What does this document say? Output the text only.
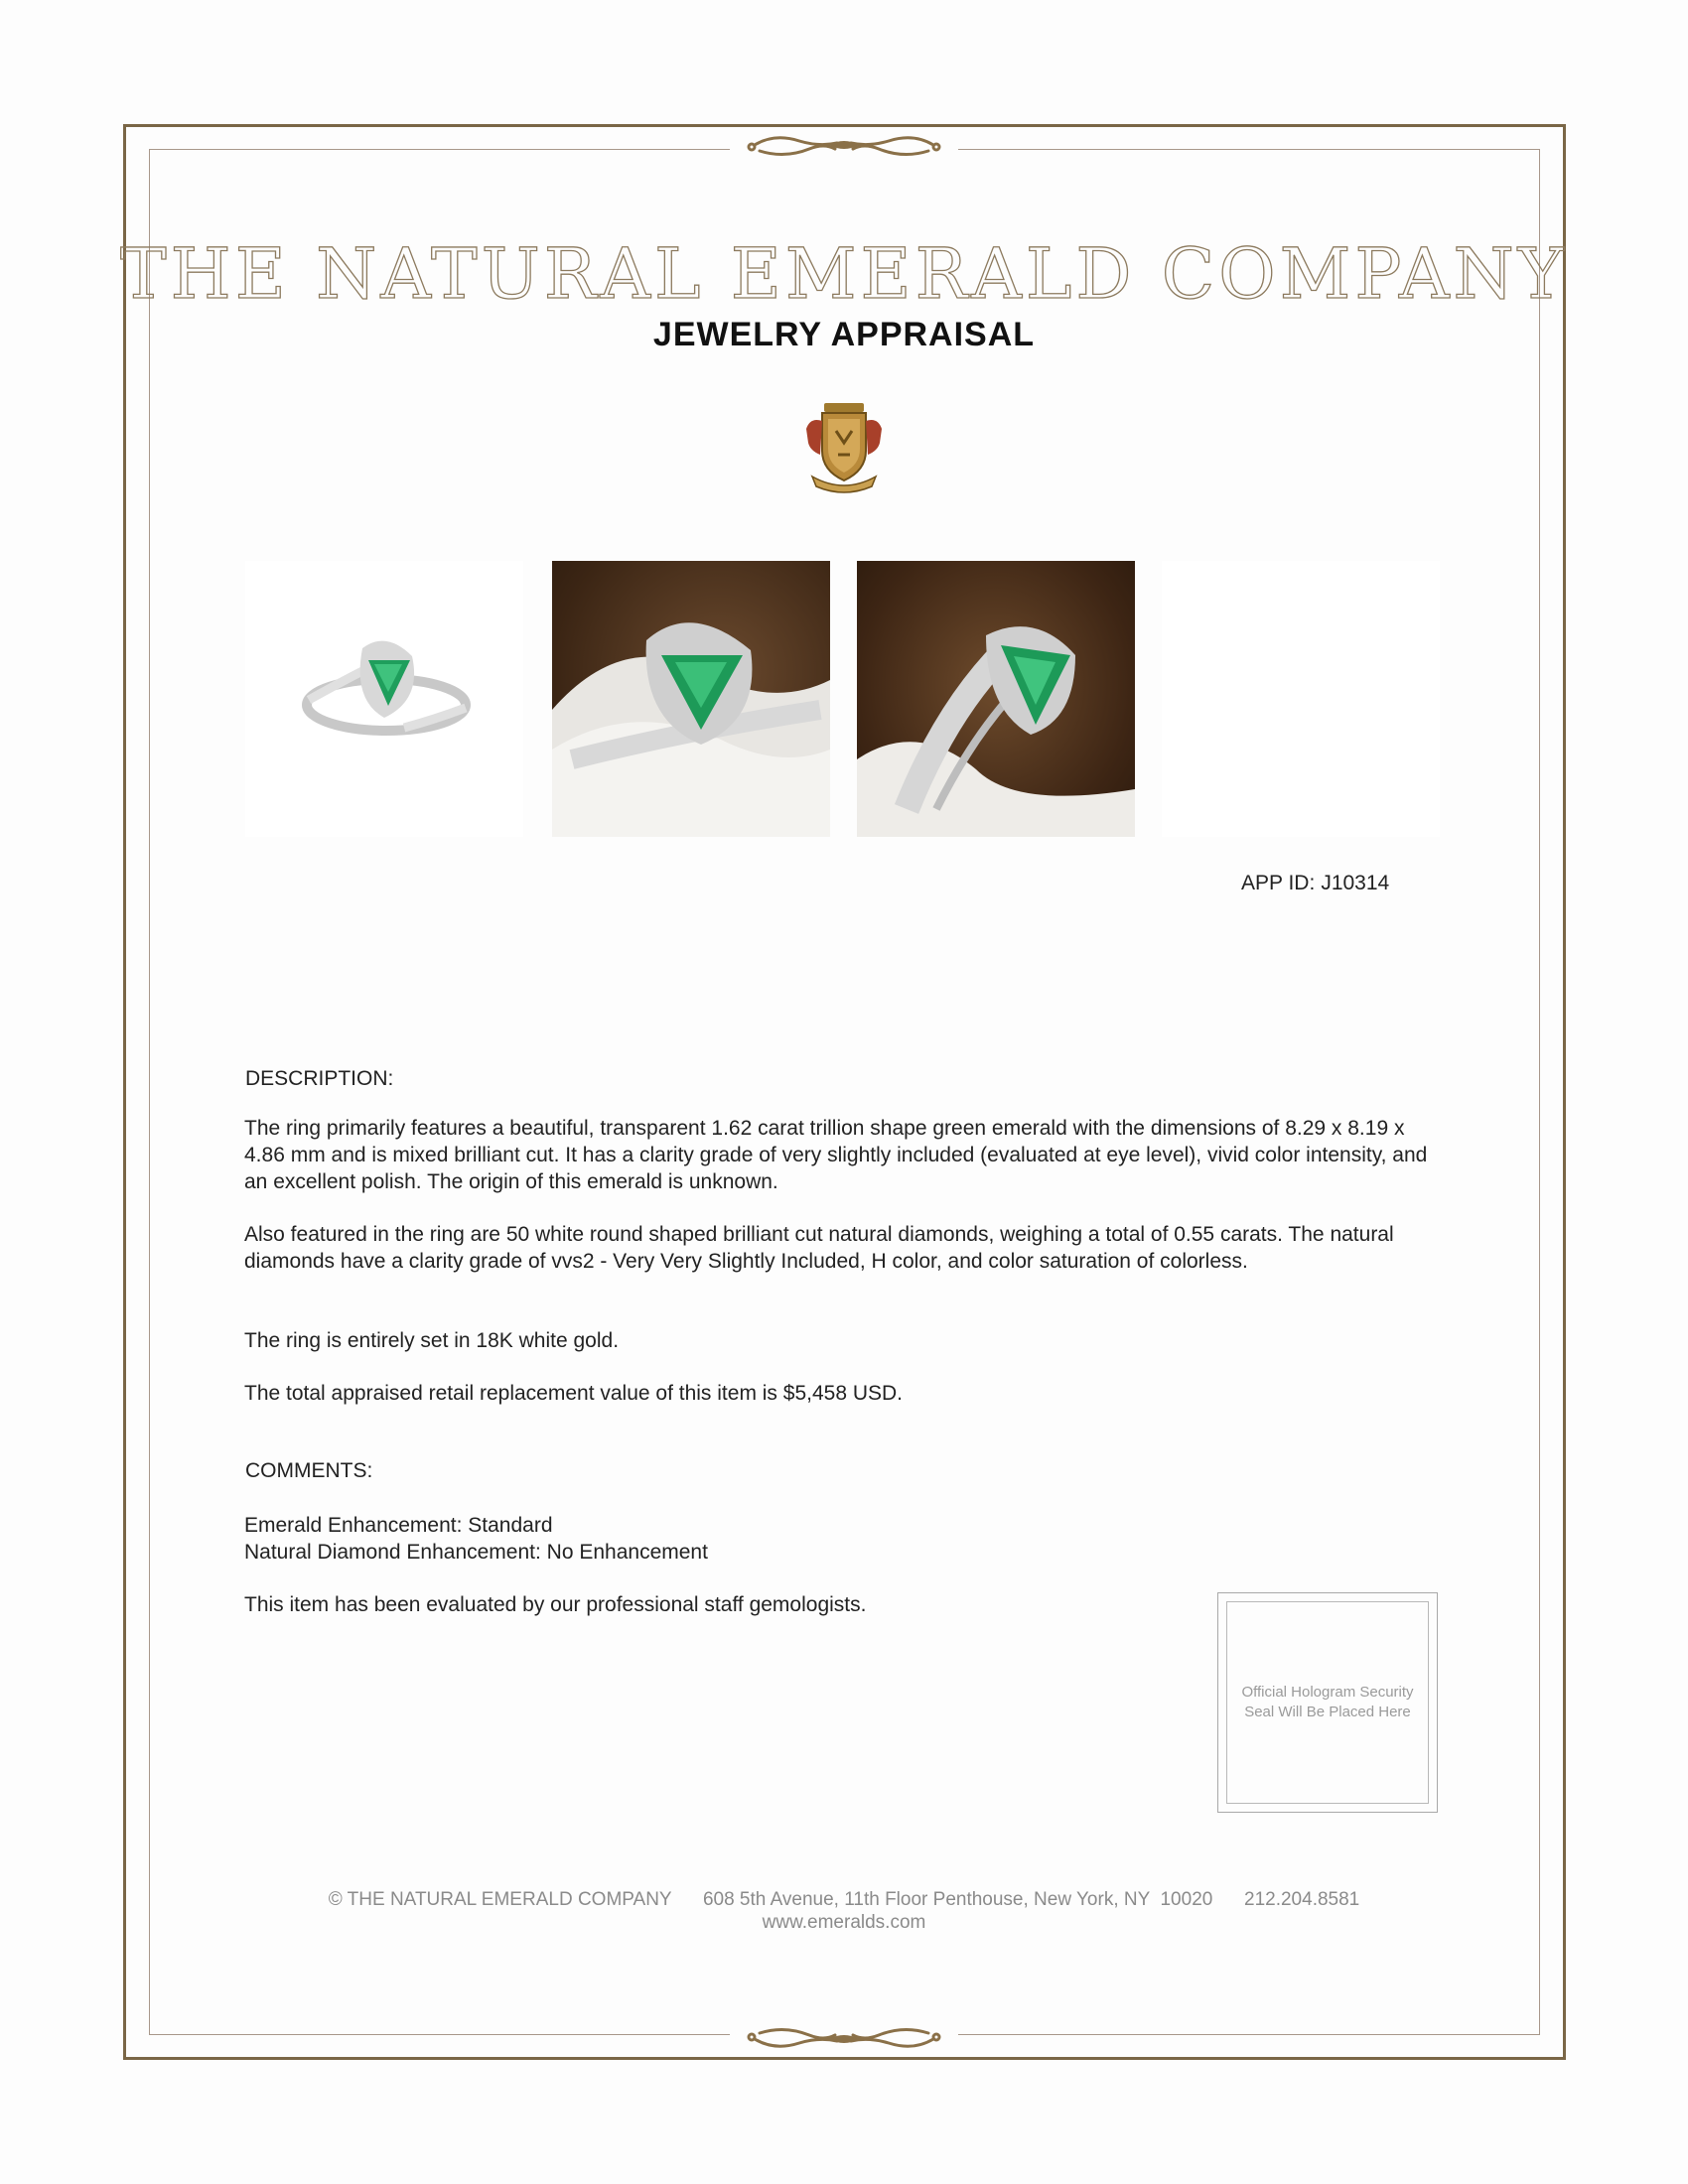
THE NATURAL EMERALD COMPANY
JEWELRY APPRAISAL
APP ID: J10314
DESCRIPTION:

The ring primarily features a beautiful, transparent 1.62 carat trillion shape green emerald with the dimensions of 8.29 x 8.19 x 4.86 mm and is mixed brilliant cut. It has a clarity grade of very slightly included (evaluated at eye level), vivid color intensity, and an excellent polish. The origin of this emerald is unknown.

Also featured in the ring are 50 white round shaped brilliant cut natural diamonds, weighing a total of 0.55 carats. The natural diamonds have a clarity grade of vvs2 - Very Very Slightly Included, H color, and color saturation of colorless.

The ring is entirely set in 18K white gold.

The total appraised retail replacement value of this item is $5,458 USD.

COMMENTS:

Emerald Enhancement: Standard

Natural Diamond Enhancement: No Enhancement

This item has been evaluated by our professional staff gemologists.

Official Hologram Security Seal Will Be Placed Here
© THE NATURAL EMERALD COMPANY 608 5th Avenue, 11th Floor Penthouse, New York, NY  10020 212.204.8581
www.emeralds.com
